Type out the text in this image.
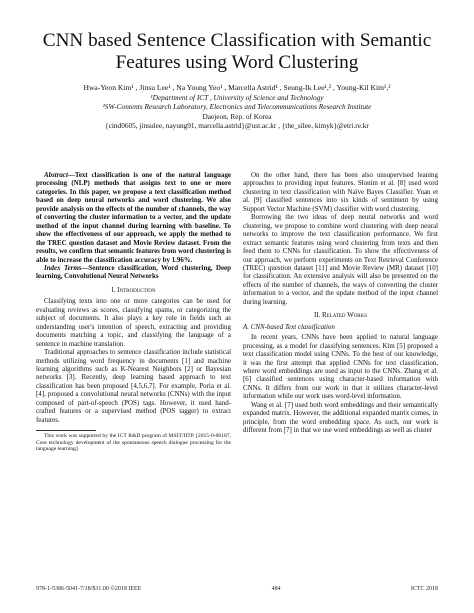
CNN based Sentence Classification with Semantic
Features using Word Clustering
Hwa-Yeon Kim¹ , Jinsu Lee¹ , Na Young Yeo¹ , Marcella Astrid¹ , Seung-Ik Lee¹,² , Young-Kil Kim¹,²
¹Department of ICT , University of Science and Technology
²SW-Contents Research Laboratory, Electronics and Telecommunications Research Institute
Daejeon, Rep. of Korea
{cind0605, jinsulee, nayung91, marcella.astrid}@ust.ac.kr , {the_silee, kimyk}@etri.re.kr

Abstract—Text classification is one of the natural language processing (NLP) methods that assigns text to one or more categories. In this paper, we propose a text classification method based on deep neural networks and word clustering. We also provide analysis on the effects of the number of channels, the way of converting the cluster information to a vector, and the update method of the input channel during learning with baseline. To show the effectiveness of our approach, we apply the method to the TREC question dataset and Movie Review dataset. From the results, we confirm that semantic features from word clustering is able to increase the classification accuracy by 1.96%.

Index Terms—Sentence classification, Word clustering, Deep learning, Convolutional Neural Networks

I. Introduction

Classifying texts into one or more categories can be used for evaluating reviews as scores, classifying spams, or categorizing the subject of documents. It also plays a key role in fields such as understanding user's intention of speech, extracting and providing documents matching a topic, and classifying the language of a sentence in machine translation.

Traditional approaches to sentence classification include statistical methods utilizing word frequency in documents [1] and machine learning algorithms such as K-Nearest Neighbors [2] or Bayesian networks [3]. Recently, deep learning based approach to text classification has been proposed [4,5,6,7]. For example, Poria et al. [4], proposed a convolutional neural networks (CNNs) with the input composed of part-of-speech (POS) tags. However, it used hand-crafted features or a supervised method (POS tagger) to extract features.

This work was supported by the ICT R&D program of MSIT/IITP. [2015-0-00187, Core technology development of the spontaneous speech dialogue processing for the language learning]

On the other hand, there has been also unsupervised leaning approaches to providing input features. Slonim et al. [8] used word clustering in text classification with Naïve Bayes Classifier. Yuan et al. [9] classified sentences into six kinds of sentiment by using Support Vector Machine (SVM) classifier with word clustering.

Borrowing the two ideas of deep neural networks and word clustering, we propose to combine word clustering with deep neural networks to improve the text classification performance. We first extract semantic features using word clustering from texts and then feed them to CNNs for classification. To show the effectiveness of our approach, we perform experiments on Text Retrieval Conference (TREC) question dataset [11] and Movie Review (MR) dataset [10] for classification. An extensive analysis will also be presented on the effects of the number of channels, the ways of converting the cluster information to a vector, and the update method of the input channel during learning.

II. Related Works
A. CNN-based Text classification

In recent years, CNNs have been applied to natural language processing, as a model for classifying sentences. Kim [5] proposed a text classification model using CNNs. To the best of our knowledge, it was the first attempt that applied CNNs for text classification, where word embeddings are used as input to the CNNs. Zhang et al. [6] classified sentences using character-based information with CNNs. It differs from our work in that it utilizes character-level information while our work uses word-level information.

Wang et al. [7] used both word embeddings and their semantically expanded matrix. However, the additional expanded matrix comes, in principle, from the word embedding space. As such, our work is different from [7] in that we use word embeddings as well as cluster

978-1-5386-5041-7/18/$31.00 ©2018 IEEE	484	ICTC 2018
